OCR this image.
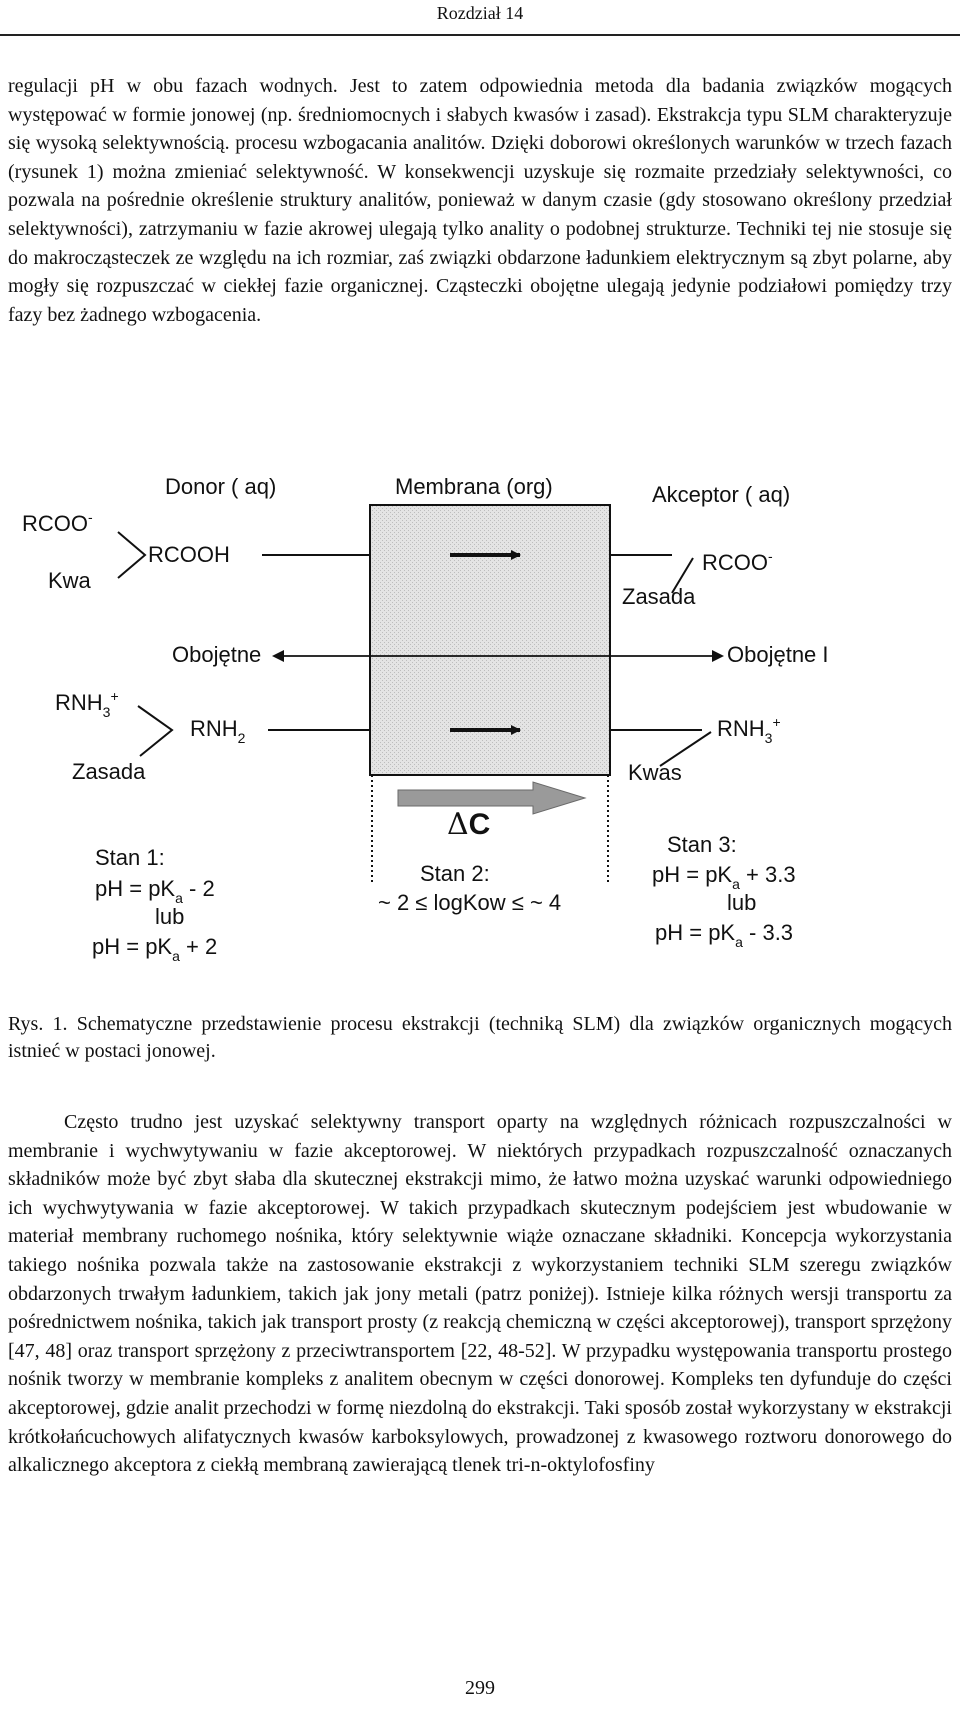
Rozdział 14

regulacji pH w obu fazach wodnych. Jest to zatem odpowiednia metoda dla badania związków mogących występować w formie jonowej (np. średniomocnych i słabych kwasów i zasad). Ekstrakcja typu SLM charakteryzuje się wysoką selektywnością. procesu wzbogacania analitów. Dzięki doborowi określonych warunków w trzech fazach (rysunek 1) można zmieniać selektywność. W konsekwencji uzyskuje się rozmaite przedziały selektywności, co pozwala na pośrednie określenie struktury analitów, ponieważ w danym czasie (gdy stosowano określony przedział selektywności), zatrzymaniu w fazie akrowej ulegają tylko anality o podobnej strukturze. Techniki tej nie stosuje się do makrocząsteczek ze względu na ich rozmiar, zaś związki obdarzone ładunkiem elektrycznym są zbyt polarne, aby mogły się rozpuszczać w ciekłej fazie organicznej. Cząsteczki obojętne ulegają jedynie podziałowi pomiędzy trzy fazy bez żadnego wzbogacenia.

Donor ( aq)	Membrana (org)	Akceptor ( aq)
RCOO-
Kwa
RCOOH	RCOO-
Zasada
Obojętne	Obojętne I
$RNH_3^+$
$RNH_2$
Zasada
$RNH_3^+$
Kwas
ΔC
Stan 1:
pH = $pK_a - 2$
lub
pH = $pK_a + 2$
Stan 2:
~ 2 ≤ logKow ≤ ~ 4
Stan 3:
pH = $pK_a + 3.3$
lub
pH = $pK_a - 3.3$

Rys. 1. Schematyczne przedstawienie procesu ekstrakcji (techniką SLM) dla związków organicznych mogących istnieć w postaci jonowej.

Często trudno jest uzyskać selektywny transport oparty na względnych różnicach rozpuszczalności w membranie i wychwytywaniu w fazie akceptorowej. W niektórych przypadkach rozpuszczalność oznaczanych składników może być zbyt słaba dla skutecznej ekstrakcji mimo, że łatwo można uzyskać warunki odpowiedniego ich wychwytywania w fazie akceptorowej. W takich przypadkach skutecznym podejściem jest wbudowanie w materiał membrany ruchomego nośnika, który selektywnie wiąże oznaczane składniki. Koncepcja wykorzystania takiego nośnika pozwala także na zastosowanie ekstrakcji z wykorzystaniem techniki SLM szeregu związków obdarzonych trwałym ładunkiem, takich jak jony metali (patrz poniżej). Istnieje kilka różnych wersji transportu za pośrednictwem nośnika, takich jak transport prosty (z reakcją chemiczną w części akceptorowej), transport sprzężony [47, 48] oraz transport sprzężony z przeciwtransportem [22, 48-52]. W przypadku występowania transportu prostego nośnik tworzy w membranie kompleks z analitem obecnym w części donorowej. Kompleks ten dyfunduje do części akceptorowej, gdzie analit przechodzi w formę niezdolną do ekstrakcji. Taki sposób został wykorzystany w ekstrakcji krótkołańcuchowych alifatycznych kwasów karboksylowych, prowadzonej z kwasowego roztworu donorowego do alkalicznego akceptora z ciekłą membraną zawierającą tlenek tri-n-oktylofosfiny

299
